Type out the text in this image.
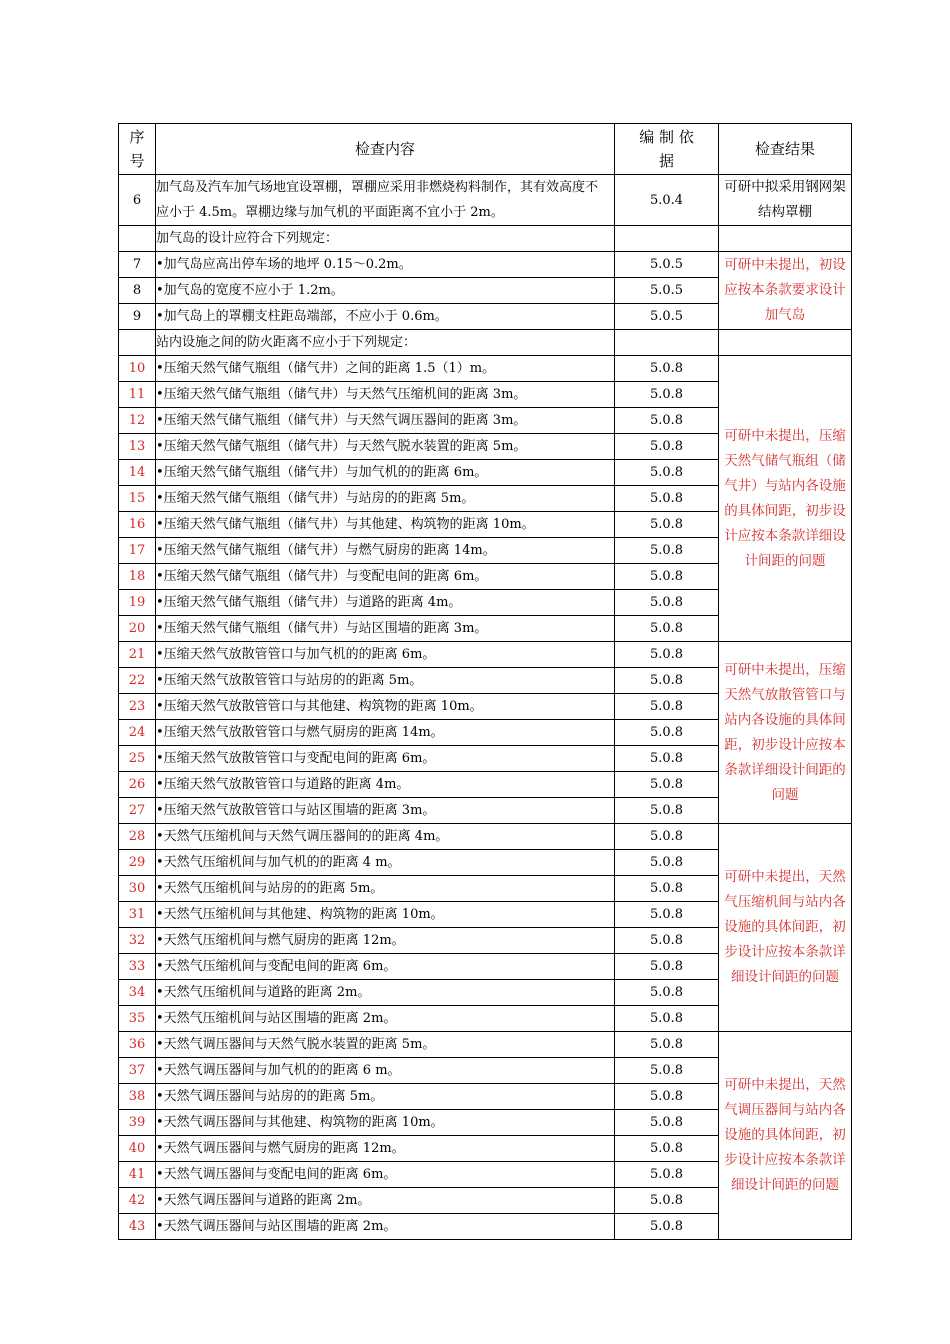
序号	检查内容	编 制 依 据	检查结果
6	加气岛及汽车加气场地宜设罩棚，罩棚应采用非燃烧构料制作，其有效高度不应小于 4.5m。罩棚边缘与加气机的平面距离不宜小于 2m。	5.0.4	可研中拟采用钢网架结构罩棚
	加气岛的设计应符合下列规定：		
7	•加气岛应高出停车场的地坪 0.15～0.2m。	5.0.5	可研中未提出，初设应按本条款要求设计加气岛
8	•加气岛的宽度不应小于 1.2m。	5.0.5	
9	•加气岛上的罩棚支柱距岛端部，不应小于 0.6m。	5.0.5	
	站内设施之间的防火距离不应小于下列规定：		
10	•压缩天然气储气瓶组（储气井）之间的距离 1.5（1）m。	5.0.8	可研中未提出，压缩天然气储气瓶组（储气井）与站内各设施的具体间距，初步设计应按本条款详细设计间距的问题
11	•压缩天然气储气瓶组（储气井）与天然气压缩机间的距离 3m。	5.0.8	
12	•压缩天然气储气瓶组（储气井）与天然气调压器间的距离 3m。	5.0.8	
13	•压缩天然气储气瓶组（储气井）与天然气脱水装置的距离 5m。	5.0.8	
14	•压缩天然气储气瓶组（储气井）与加气机的的距离 6m。	5.0.8	
15	•压缩天然气储气瓶组（储气井）与站房的的距离 5m。	5.0.8	
16	•压缩天然气储气瓶组（储气井）与其他建、构筑物的距离 10m。	5.0.8	
17	•压缩天然气储气瓶组（储气井）与燃气厨房的距离 14m。	5.0.8	
18	•压缩天然气储气瓶组（储气井）与变配电间的距离 6m。	5.0.8	
19	•压缩天然气储气瓶组（储气井）与道路的距离 4m。	5.0.8	
20	•压缩天然气储气瓶组（储气井）与站区围墙的距离 3m。	5.0.8	
21	•压缩天然气放散管管口与加气机的的距离 6m。	5.0.8	可研中未提出，压缩天然气放散管管口与站内各设施的具体间距，初步设计应按本条款详细设计间距的问题
22	•压缩天然气放散管管口与站房的的距离 5m。	5.0.8	
23	•压缩天然气放散管管口与其他建、构筑物的距离 10m。	5.0.8	
24	•压缩天然气放散管管口与燃气厨房的距离 14m。	5.0.8	
25	•压缩天然气放散管管口与变配电间的距离 6m。	5.0.8	
26	•压缩天然气放散管管口与道路的距离 4m。	5.0.8	
27	•压缩天然气放散管管口与站区围墙的距离 3m。	5.0.8	
28	•天然气压缩机间与天然气调压器间的的距离 4m。	5.0.8	可研中未提出，天然气压缩机间与站内各设施的具体间距，初步设计应按本条款详细设计间距的问题
29	•天然气压缩机间与加气机的的距离 4 m。	5.0.8	
30	•天然气压缩机间与站房的的距离 5m。	5.0.8	
31	•天然气压缩机间与其他建、构筑物的距离 10m。	5.0.8	
32	•天然气压缩机间与燃气厨房的距离 12m。	5.0.8	
33	•天然气压缩机间与变配电间的距离 6m。	5.0.8	
34	•天然气压缩机间与道路的距离 2m。	5.0.8	
35	•天然气压缩机间与站区围墙的距离 2m。	5.0.8	
36	•天然气调压器间与天然气脱水装置的距离 5m。	5.0.8	可研中未提出，天然气调压器间与站内各设施的具体间距，初步设计应按本条款详细设计间距的问题
37	•天然气调压器间与加气机的的距离 6 m。	5.0.8	
38	•天然气调压器间与站房的的距离 5m。	5.0.8	
39	•天然气调压器间与其他建、构筑物的距离 10m。	5.0.8	
40	•天然气调压器间与燃气厨房的距离 12m。	5.0.8	
41	•天然气调压器间与变配电间的距离 6m。	5.0.8	
42	•天然气调压器间与道路的距离 2m。	5.0.8	
43	•天然气调压器间与站区围墙的距离 2m。	5.0.8	
